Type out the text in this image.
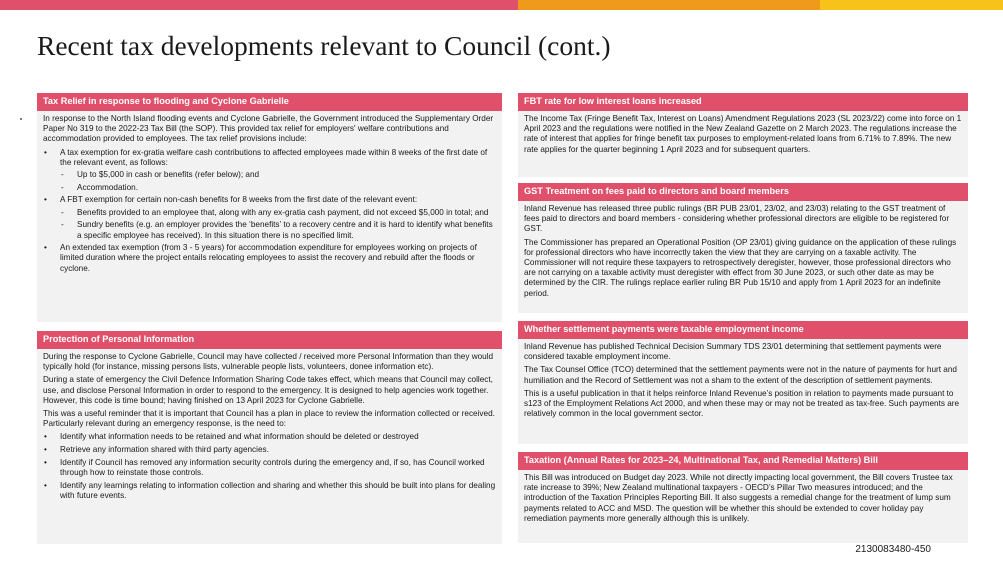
Recent tax developments relevant to Council (cont.)
Tax Relief in response to flooding and Cyclone Gabrielle

In response to the North Island flooding events and Cyclone Gabrielle, the Government introduced the Supplementary Order Paper No 319 to the 2022-23 Tax Bill (the SOP). This provided tax relief for employers' welfare contributions and accommodation provided to employees. The tax relief provisions include:

• A tax exemption for ex-gratia welfare cash contributions to affected employees made within 8 weeks of the first date of the relevant event, as follows:
- Up to $5,000 in cash or benefits (refer below); and
- Accommodation.
• A FBT exemption for certain non-cash benefits for 8 weeks from the first date of the relevant event:
- Benefits provided to an employee that, along with any ex-gratia cash payment, did not exceed $5,000 in total; and
- Sundry benefits (e.g. an employer provides the ‘benefits’ to a recovery centre and it is hard to identify what benefits a specific employee has received). In this situation there is no specified limit.
• An extended tax exemption (from 3 - 5 years) for accommodation expenditure for employees working on projects of limited duration where the project entails relocating employees to assist the recovery and rebuild after the floods or cyclone.
Protection of Personal Information

During the response to Cyclone Gabrielle, Council may have collected / received more Personal Information than they would typically hold (for instance, missing persons lists, vulnerable people lists, volunteers, donee information etc).

During a state of emergency the Civil Defence Information Sharing Code takes effect, which means that Council may collect, use, and disclose Personal Information in order to respond to the emergency. It is designed to help agencies work together. However, this code is time bound; having finished on 13 April 2023 for Cyclone Gabrielle.

This was a useful reminder that it is important that Council has a plan in place to review the information collected or received. Particularly relevant during an emergency response, is the need to:

• Identify what information needs to be retained and what information should be deleted or destroyed
• Retrieve any information shared with third party agencies.
• Identify if Council has removed any information security controls during the emergency and, if so, has Council worked through how to reinstate those controls.
• Identify any learnings relating to information collection and sharing and whether this should be built into plans for dealing with future events.
FBT rate for low interest loans increased

The Income Tax (Fringe Benefit Tax, Interest on Loans) Amendment Regulations 2023 (SL 2023/22) come into force on 1 April 2023 and the regulations were notified in the New Zealand Gazette on 2 March 2023. The regulations increase the rate of interest that applies for fringe benefit tax purposes to employment-related loans from 6.71% to 7.89%. The new rate applies for the quarter beginning 1 April 2023 and for subsequent quarters.

GST Treatment on fees paid to directors and board members

Inland Revenue has released three public rulings (BR PUB 23/01, 23/02, and 23/03) relating to the GST treatment of fees paid to directors and board members - considering whether professional directors are eligible to be registered for GST.

The Commissioner has prepared an Operational Position (OP 23/01) giving guidance on the application of these rulings for professional directors who have incorrectly taken the view that they are carrying on a taxable activity. The Commissioner will not require these taxpayers to retrospectively deregister, however, those professional directors who are not carrying on a taxable activity must deregister with effect from 30 June 2023, or such other date as may be determined by the CIR. The rulings replace earlier ruling BR Pub 15/10 and apply from 1 April 2023 for an indefinite period.

Whether settlement payments were taxable employment income

Inland Revenue has published Technical Decision Summary TDS 23/01 determining that settlement payments were considered taxable employment income.

The Tax Counsel Office (TCO) determined that the settlement payments were not in the nature of payments for hurt and humiliation and the Record of Settlement was not a sham to the extent of the description of settlement payments.

This is a useful publication in that it helps reinforce Inland Revenue’s position in relation to payments made pursuant to s123 of the Employment Relations Act 2000, and when these may or may not be treated as tax-free. Such payments are relatively common in the local government sector.

Taxation (Annual Rates for 2023–24, Multinational Tax, and Remedial Matters) Bill

This Bill was introduced on Budget day 2023. While not directly impacting local government, the Bill covers Trustee tax rate increase to 39%; New Zealand multinational taxpayers - OECD’s Pillar Two measures introduced; and the introduction of the Taxation Principles Reporting Bill. It also suggests a remedial change for the treatment of lump sum payments related to ACC and MSD. The question will be whether this should be extended to cover holiday pay remediation payments more generally although this is unlikely.

2130083480-450
